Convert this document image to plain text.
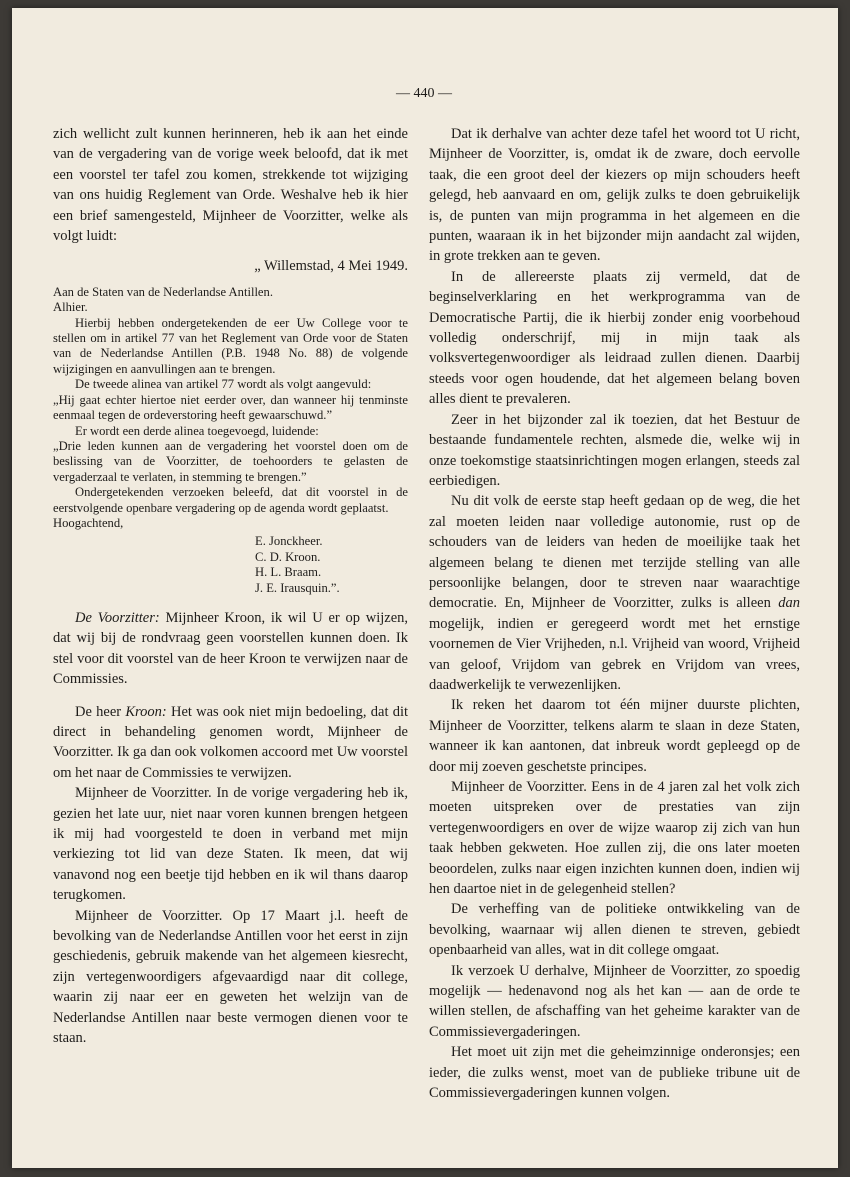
— 440 —

zich wellicht zult kunnen herinneren, heb ik aan het einde van de vergadering van de vorige week beloofd, dat ik met een voorstel ter tafel zou komen, strekkende tot wijziging van ons huidig Reglement van Orde. Weshalve heb ik hier een brief samengesteld, Mijnheer de Voorzitter, welke als volgt luidt:

„ Willemstad, 4 Mei 1949.

Aan de Staten van de Nederlandse Antillen.

Alhier.

Hierbij hebben ondergetekenden de eer Uw College voor te stellen om in artikel 77 van het Reglement van Orde voor de Staten van de Nederlandse Antillen (P.B. 1948 No. 88) de volgende wijzigingen en aanvullingen aan te brengen.

De tweede alinea van artikel 77 wordt als volgt aangevuld:

„Hij gaat echter hiertoe niet eerder over, dan wanneer hij tenminste eenmaal tegen de ordeverstoring heeft gewaarschuwd.”

Er wordt een derde alinea toegevoegd, luidende:

„Drie leden kunnen aan de vergadering het voorstel doen om de beslissing van de Voorzitter, de toehoorders te gelasten de vergaderzaal te verlaten, in stemming te brengen.”

Ondergetekenden verzoeken beleefd, dat dit voorstel in de eerstvolgende openbare vergadering op de agenda wordt geplaatst.

Hoogachtend,

E. Jonckheer.

C. D. Kroon.

H. L. Braam.

J. E. Irausquin.”.

De Voorzitter: Mijnheer Kroon, ik wil U er op wijzen, dat wij bij de rondvraag geen voorstellen kunnen doen. Ik stel voor dit voorstel van de heer Kroon te verwijzen naar de Commissies.

De heer Kroon: Het was ook niet mijn bedoeling, dat dit direct in behandeling genomen wordt, Mijnheer de Voorzitter. Ik ga dan ook volkomen accoord met Uw voorstel om het naar de Commissies te verwijzen.

Mijnheer de Voorzitter. In de vorige vergadering heb ik, gezien het late uur, niet naar voren kunnen brengen hetgeen ik mij had voorgesteld te doen in verband met mijn verkiezing tot lid van deze Staten. Ik meen, dat wij vanavond nog een beetje tijd hebben en ik wil thans daarop terugkomen.

Mijnheer de Voorzitter. Op 17 Maart j.l. heeft de bevolking van de Nederlandse Antillen voor het eerst in zijn geschiedenis, gebruik makende van het algemeen kiesrecht, zijn vertegenwoordigers afgevaardigd naar dit college, waarin zij naar eer en geweten het welzijn van de Nederlandse Antillen naar beste vermogen dienen voor te staan.

Dat ik derhalve van achter deze tafel het woord tot U richt, Mijnheer de Voorzitter, is, omdat ik de zware, doch eervolle taak, die een groot deel der kiezers op mijn schouders heeft gelegd, heb aanvaard en om, gelijk zulks te doen gebruikelijk is, de punten van mijn programma in het algemeen en die punten, waaraan ik in het bijzonder mijn aandacht zal wijden, in grote trekken aan te geven.

In de allereerste plaats zij vermeld, dat de beginselverklaring en het werkprogramma van de Democratische Partij, die ik hierbij zonder enig voorbehoud volledig onderschrijf, mij in mijn taak als volksvertegenwoordiger als leidraad zullen dienen. Daarbij steeds voor ogen houdende, dat het algemeen belang boven alles dient te prevaleren.

Zeer in het bijzonder zal ik toezien, dat het Bestuur de bestaande fundamentele rechten, alsmede die, welke wij in onze toekomstige staatsinrichtingen mogen erlangen, steeds zal eerbiedigen.

Nu dit volk de eerste stap heeft gedaan op de weg, die het zal moeten leiden naar volledige autonomie, rust op de schouders van de leiders van heden de moeilijke taak het algemeen belang te dienen met terzijde stelling van alle persoonlijke belangen, door te streven naar waarachtige democratie. En, Mijnheer de Voorzitter, zulks is alleen dan mogelijk, indien er geregeerd wordt met het ernstige voornemen de Vier Vrijheden, n.l. Vrijheid van woord, Vrijheid van geloof, Vrijdom van gebrek en Vrijdom van vrees, daadwerkelijk te verwezenlijken.

Ik reken het daarom tot één mijner duurste plichten, Mijnheer de Voorzitter, telkens alarm te slaan in deze Staten, wanneer ik kan aantonen, dat inbreuk wordt gepleegd op de door mij zoeven geschetste principes.

Mijnheer de Voorzitter. Eens in de 4 jaren zal het volk zich moeten uitspreken over de prestaties van zijn vertegenwoordigers en over de wijze waarop zij zich van hun taak hebben gekweten. Hoe zullen zij, die ons later moeten beoordelen, zulks naar eigen inzichten kunnen doen, indien wij hen daartoe niet in de gelegenheid stellen?

De verheffing van de politieke ontwikkeling van de bevolking, waarnaar wij allen dienen te streven, gebiedt openbaarheid van alles, wat in dit college omgaat.

Ik verzoek U derhalve, Mijnheer de Voorzitter, zo spoedig mogelijk — hedenavond nog als het kan — aan de orde te willen stellen, de afschaffing van het geheime karakter van de Commissievergaderingen.

Het moet uit zijn met die geheimzinnige onderonsjes; een ieder, die zulks wenst, moet van de publieke tribune uit de Commissievergaderingen kunnen volgen.
